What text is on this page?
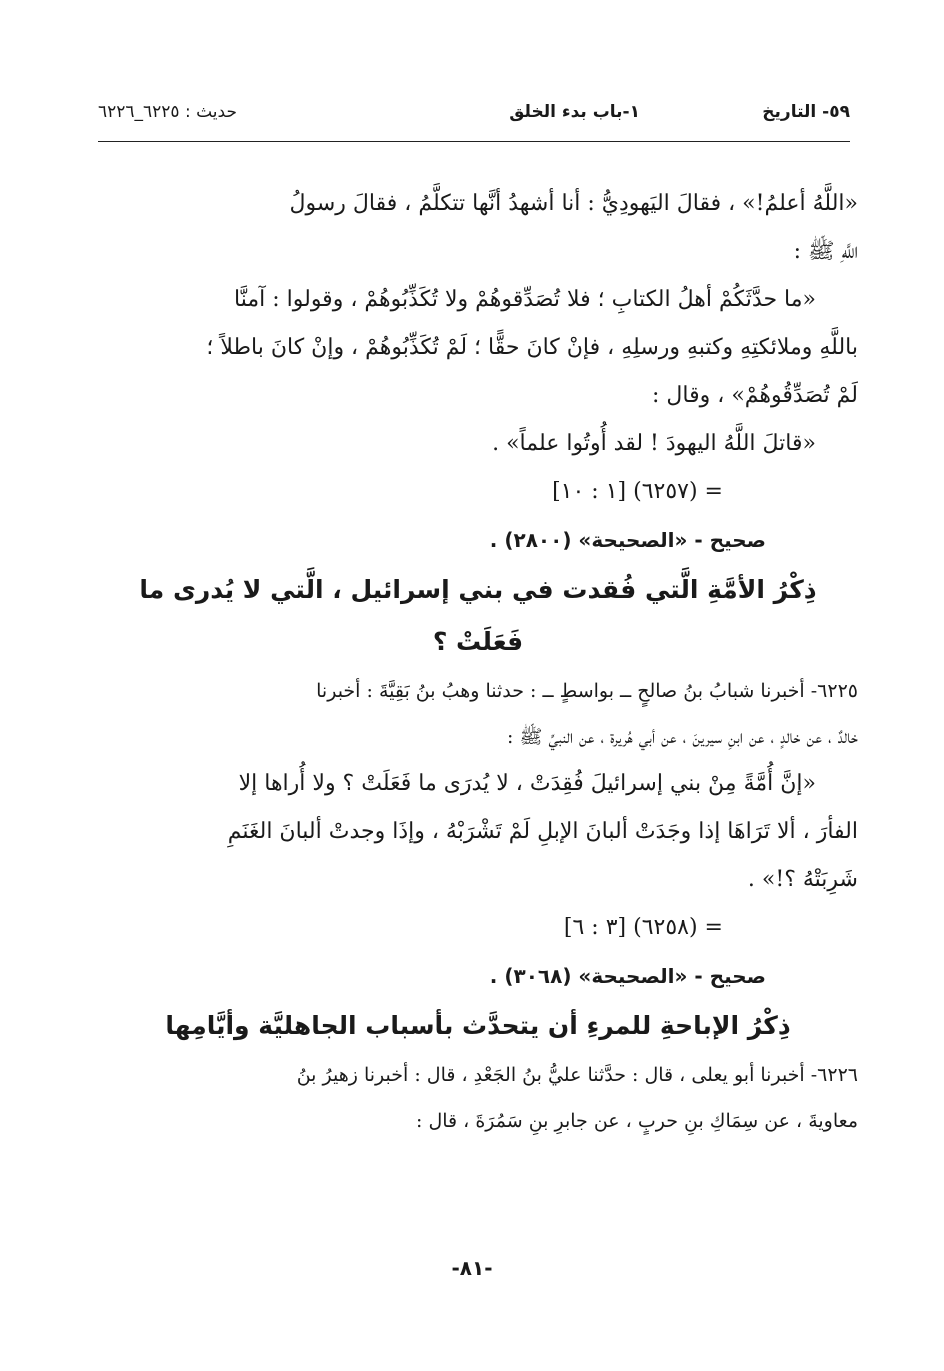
٥٩- التاريخ
١-باب بدء الخلق
حديث : ٦٢٢٥_٦٢٢٦
«اللَّهُ أعلمُ!» ، فقالَ اليَهودِيُّ : أنا أشهدُ أنَّها تتكلَّمُ ، فقالَ رسولُ
اللَّهِ ﷺ :
«ما حدَّثَكُمْ أهلُ الكتابِ ؛ فلا تُصَدِّقوهُمْ ولا تُكَذِّبُوهُمْ ، وقولوا : آمنَّا
باللَّهِ وملائكتِهِ وكتبهِ ورسلِهِ ، فإنْ كانَ حقًّا ؛ لَمْ تُكَذِّبُوهُمْ ، وإنْ كانَ باطلاً ؛
لَمْ تُصَدِّقُوهُمْ» ، وقال :
«قاتلَ اللَّهُ اليهودَ ! لقد أُوتُوا علماً» .
= (٦٢٥٧) [١ : ١٠]
صحيح - «الصحيحة» (٢٨٠٠) .
ذِكْرُ الأمَّةِ الَّتي فُقدت في بني إسرائيل ، الَّتي لا يُدرى ما
فَعَلَتْ ؟
٦٢٢٥- أخبرنا شبابُ بنُ صالحٍ ــ بواسطٍ ــ : حدثنا وهبُ بنُ بَقِيَّةَ : أخبرنا
خالدٌ ، عن خالدٍ ، عن ابنِ سيرينَ ، عن أبي هُريرة ، عن النبيِّ ﷺ :
«إنَّ أُمَّةً مِنْ بني إسرائيلَ فُقِدَتْ ، لا يُدرَى ما فَعَلَتْ ؟ ولا أُراها إلا
الفأرَ ، ألا تَرَاهَا إذا وجَدَتْ ألبانَ الإبلِ لَمْ تَشْرَبْهُ ، وإذَا وجدتْ ألبانَ الغَنَمِ
شَرِبَتْهُ ؟!» .
= (٦٢٥٨) [٣ : ٦]
صحيح - «الصحيحة» (٣٠٦٨) .
ذِكْرُ الإباحةِ للمرءِ أن يتحدَّث بأسباب الجاهليَّة وأيَّامِها
٦٢٢٦- أخبرنا أبو يعلى ، قال : حدَّثنا عليُّ بنُ الجَعْدِ ، قال : أخبرنا زهيرُ بنُ
معاويةَ ، عن سِمَاكِ بنِ حربٍ ، عن جابرِ بنِ سَمُرَةَ ، قال :
-٨١-
